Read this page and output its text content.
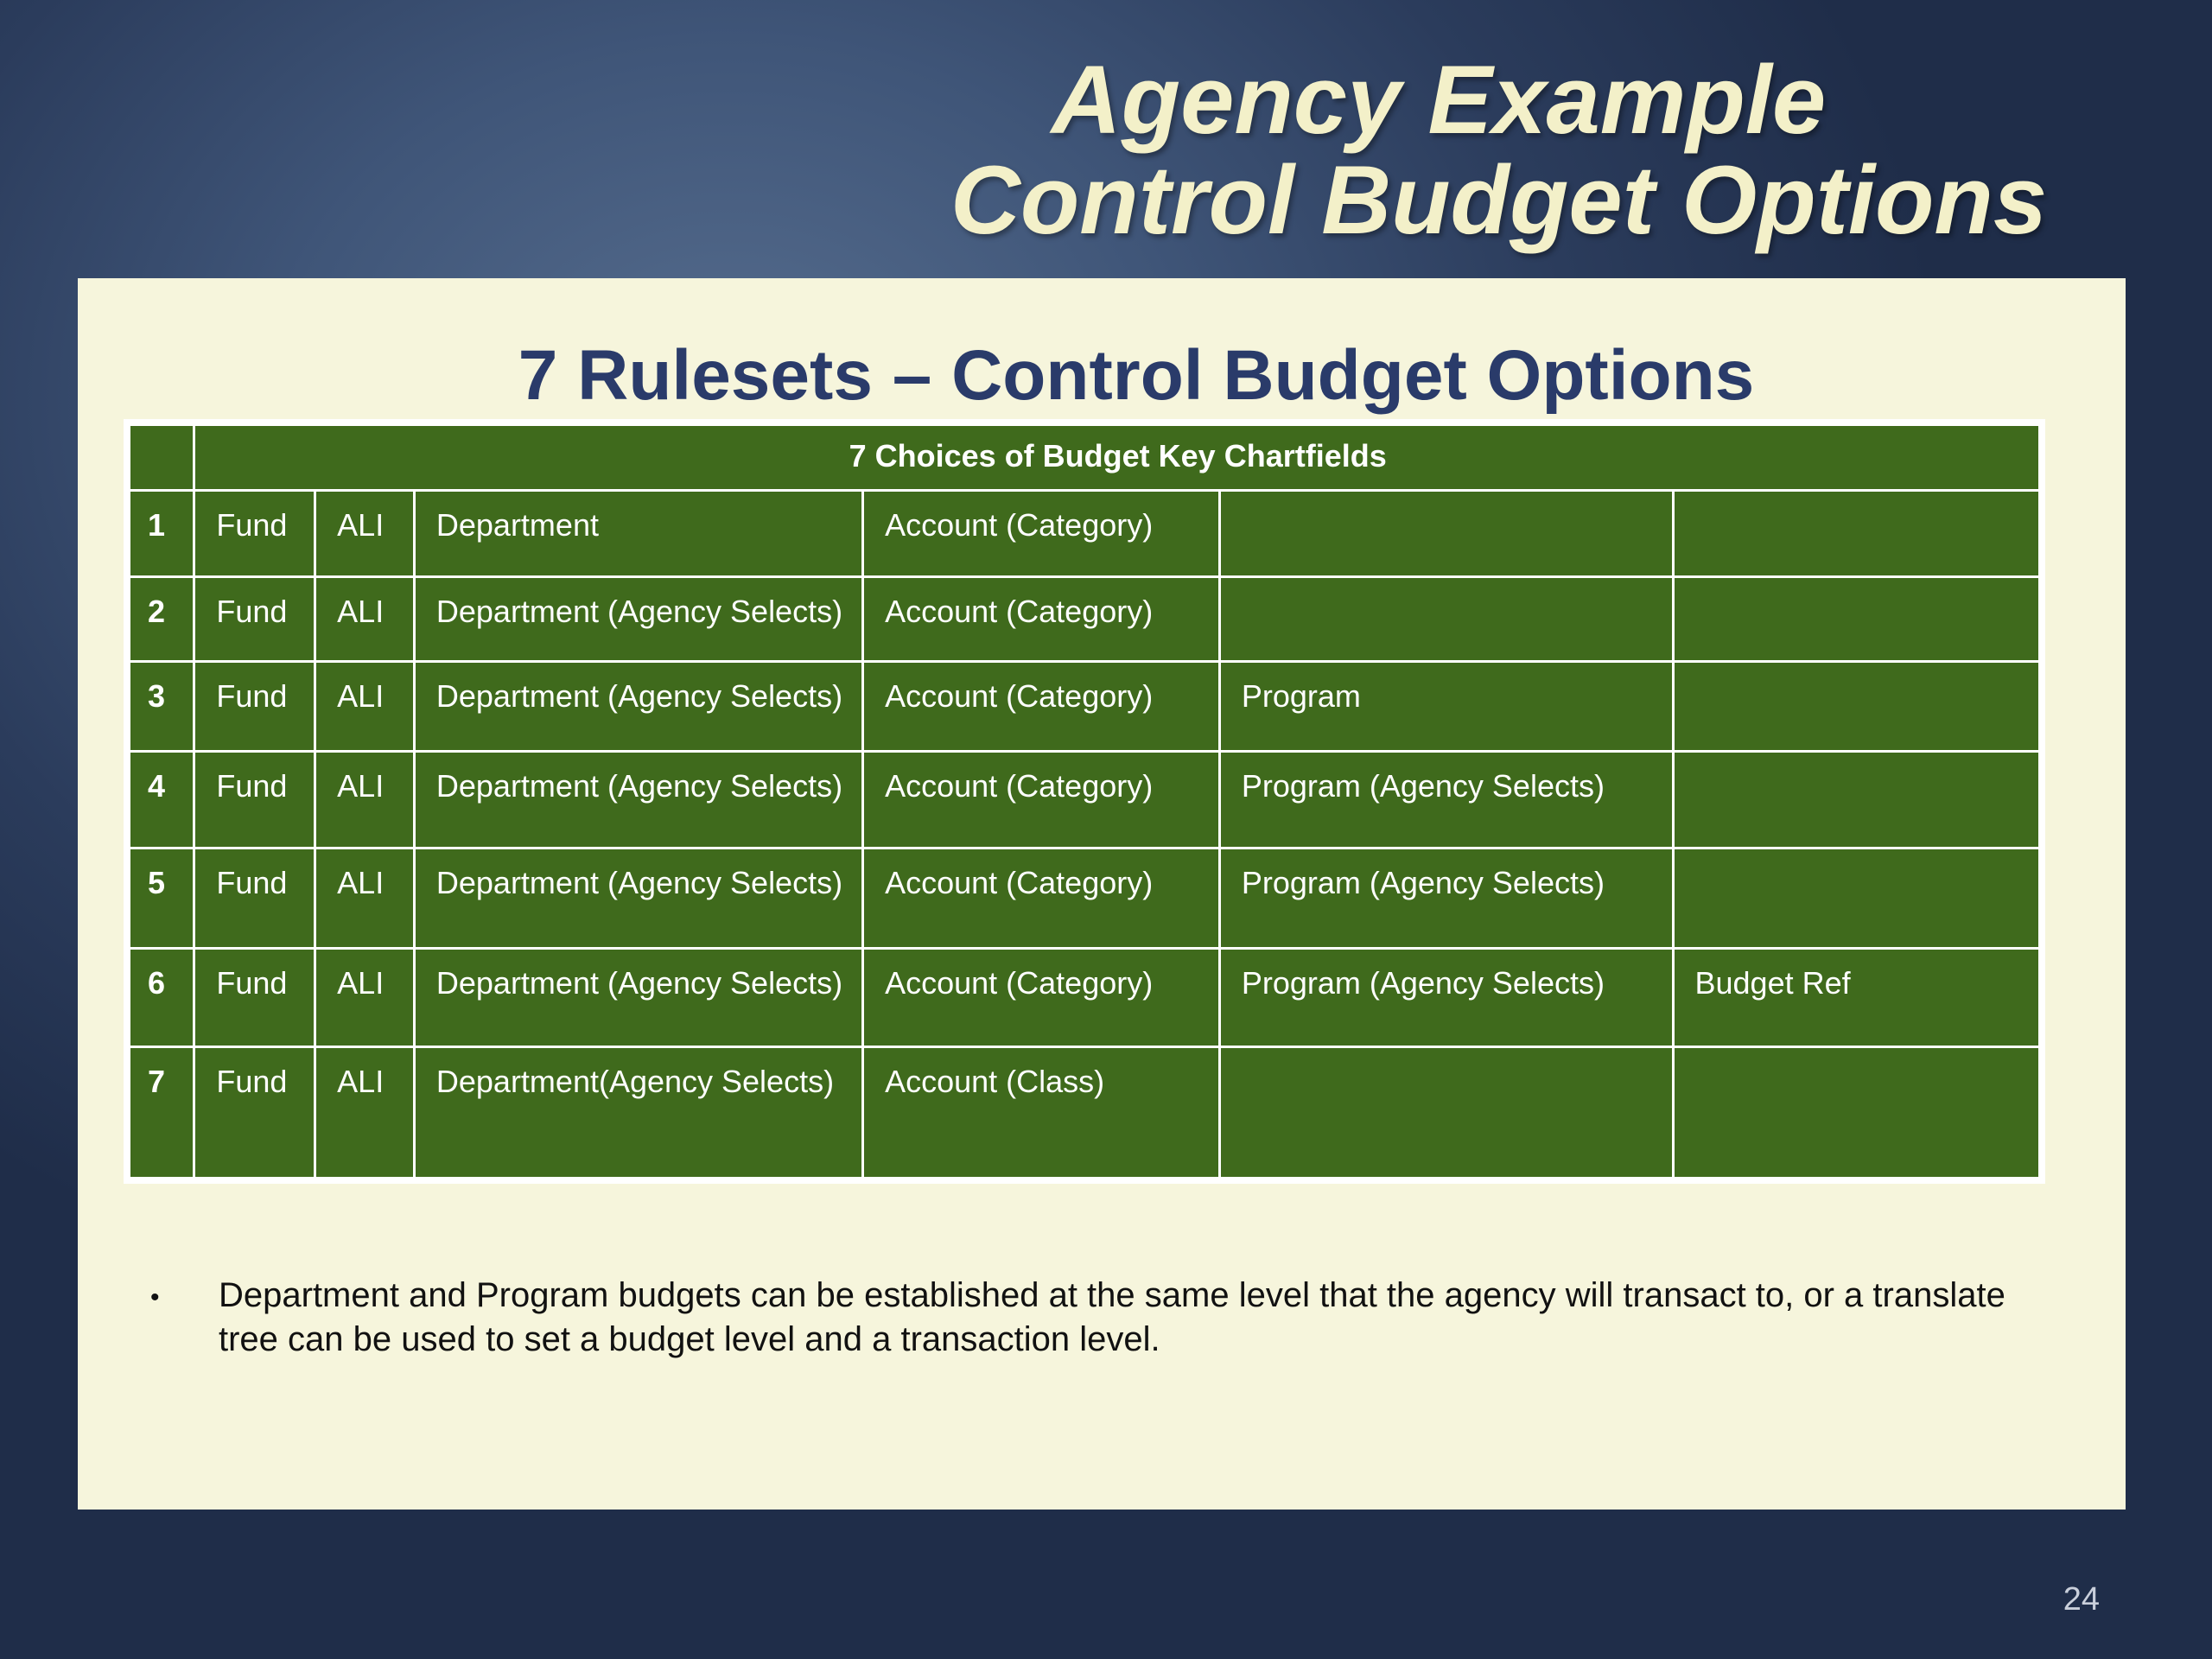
Agency Example
Control Budget Options
7 Rulesets – Control Budget Options
	7 Choices of Budget Key Chartfields					
1	Fund	ALI	Department	Account (Category)		
2	Fund	ALI	Department (Agency Selects)	Account (Category)		
3	Fund	ALI	Department (Agency Selects)	Account (Category)	Program	
4	Fund	ALI	Department (Agency Selects)	Account (Category)	Program (Agency Selects)	
5	Fund	ALI	Department (Agency Selects)	Account (Category)	Program (Agency Selects)	
6	Fund	ALI	Department (Agency Selects)	Account (Category)	Program (Agency Selects)	Budget Ref
7	Fund	ALI	Department(Agency Selects)	Account (Class)		
• Department and Program budgets can be established at the same level that the agency will transact to, or a translate tree can be used to set a budget level and a transaction level.

24
